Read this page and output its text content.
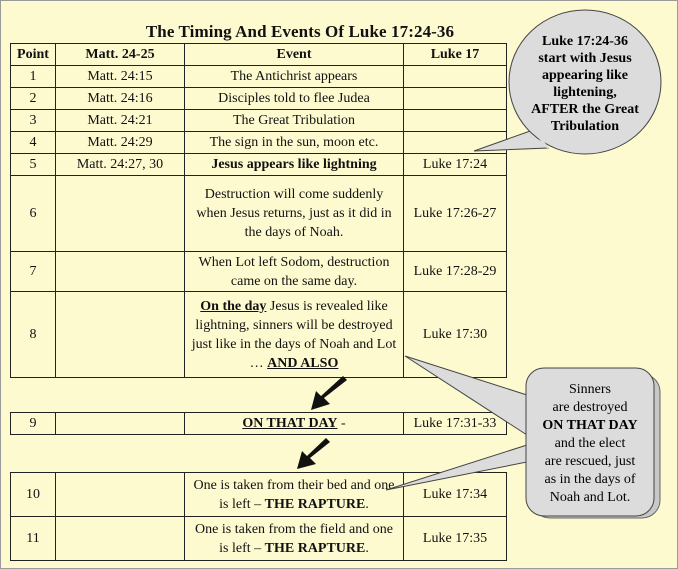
The Timing And Events Of Luke 17:24-36
Point	Matt. 24-25	Event	Luke 17
1	Matt. 24:15	The Antichrist appears	
2	Matt. 24:16	Disciples told to flee Judea	
3	Matt. 24:21	The Great Tribulation	
4	Matt. 24:29	The sign in the sun, moon etc.	
5	Matt. 24:27, 30	Jesus appears like lightning	Luke 17:24
6		Destruction will come suddenly when Jesus returns, just as it did in the days of Noah.	Luke 17:26-27
7		When Lot left Sodom, destruction came on the same day.	Luke 17:28-29
8		On the day Jesus is revealed like lightning, sinners will be destroyed just like in the days of Noah and Lot … AND ALSO	Luke 17:30
9		ON THAT DAY -	Luke 17:31-33
10		One is taken from their bed and one is left – THE RAPTURE.	Luke 17:34
11		One is taken from the field and one is left – THE RAPTURE.	Luke 17:35
Luke 17:24-36
start with Jesus
appearing like
lightening,
AFTER the Great
Tribulation
Sinners
are destroyed
ON THAT DAY
and the elect
are rescued, just
as in the days of
Noah and Lot.
